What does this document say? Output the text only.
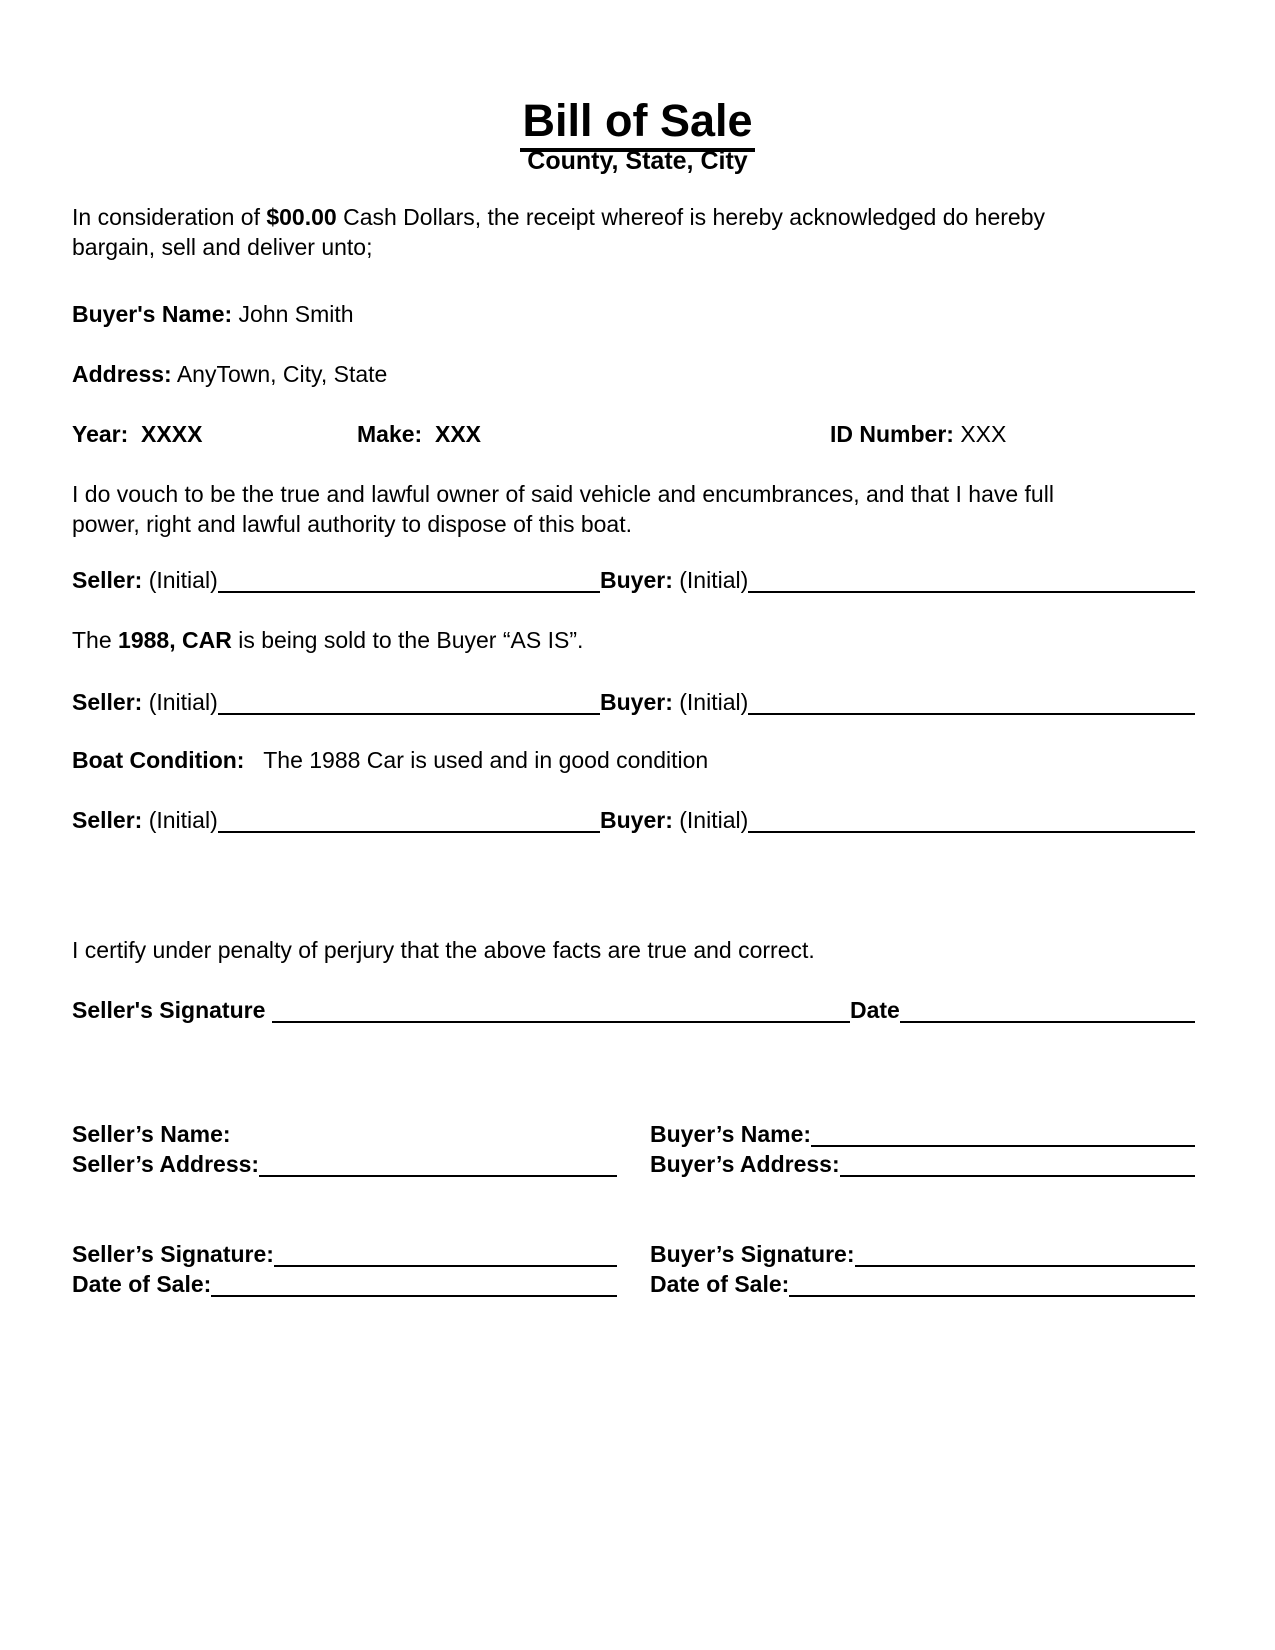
Bill of Sale
County, State, City
In consideration of $00.00 Cash Dollars, the receipt whereof is hereby acknowledged do hereby
bargain, sell and deliver unto;
Buyer's Name: John Smith
Address: AnyTown, City, State
Year:  XXXX	Make:  XXX	ID Number: XXX
I do vouch to be the true and lawful owner of said vehicle and encumbrances, and that I have full
power, right and lawful authority to dispose of this boat.
Seller: (Initial)	Buyer: (Initial)
The 1988, CAR is being sold to the Buyer “AS IS”.
Seller: (Initial)	Buyer: (Initial)
Boat Condition:   The 1988 Car is used and in good condition
Seller: (Initial)	Buyer: (Initial)
I certify under penalty of perjury that the above facts are true and correct.
Seller's Signature	Date
Seller’s Name:	Buyer’s Name:
Seller’s Address:	Buyer’s Address:
Seller’s Signature:	Buyer’s Signature:
Date of Sale:	Date of Sale:
